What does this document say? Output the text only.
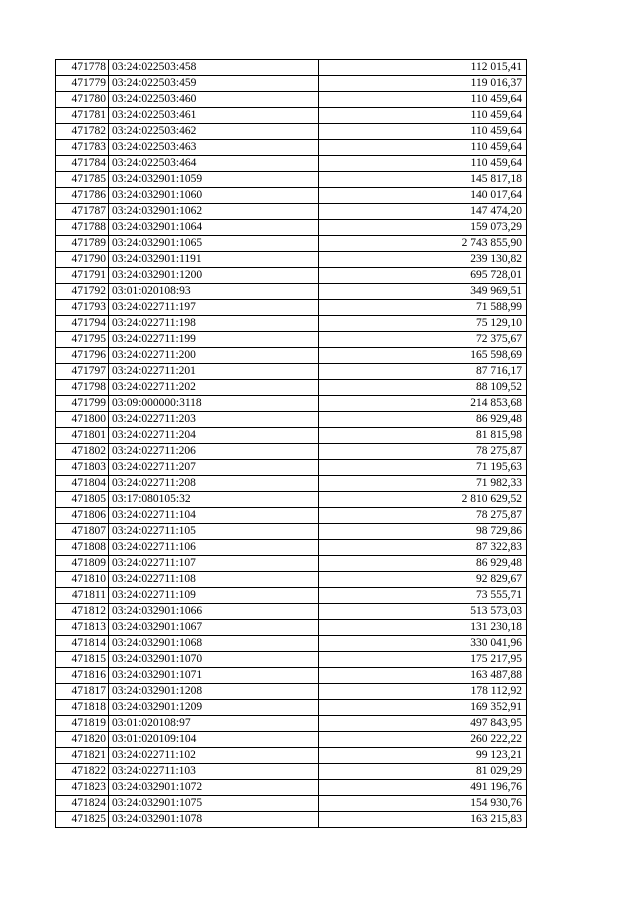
471778	03:24:022503:458	112 015,41
471779	03:24:022503:459	119 016,37
471780	03:24:022503:460	110 459,64
471781	03:24:022503:461	110 459,64
471782	03:24:022503:462	110 459,64
471783	03:24:022503:463	110 459,64
471784	03:24:022503:464	110 459,64
471785	03:24:032901:1059	145 817,18
471786	03:24:032901:1060	140 017,64
471787	03:24:032901:1062	147 474,20
471788	03:24:032901:1064	159 073,29
471789	03:24:032901:1065	2 743 855,90
471790	03:24:032901:1191	239 130,82
471791	03:24:032901:1200	695 728,01
471792	03:01:020108:93	349 969,51
471793	03:24:022711:197	71 588,99
471794	03:24:022711:198	75 129,10
471795	03:24:022711:199	72 375,67
471796	03:24:022711:200	165 598,69
471797	03:24:022711:201	87 716,17
471798	03:24:022711:202	88 109,52
471799	03:09:000000:3118	214 853,68
471800	03:24:022711:203	86 929,48
471801	03:24:022711:204	81 815,98
471802	03:24:022711:206	78 275,87
471803	03:24:022711:207	71 195,63
471804	03:24:022711:208	71 982,33
471805	03:17:080105:32	2 810 629,52
471806	03:24:022711:104	78 275,87
471807	03:24:022711:105	98 729,86
471808	03:24:022711:106	87 322,83
471809	03:24:022711:107	86 929,48
471810	03:24:022711:108	92 829,67
471811	03:24:022711:109	73 555,71
471812	03:24:032901:1066	513 573,03
471813	03:24:032901:1067	131 230,18
471814	03:24:032901:1068	330 041,96
471815	03:24:032901:1070	175 217,95
471816	03:24:032901:1071	163 487,88
471817	03:24:032901:1208	178 112,92
471818	03:24:032901:1209	169 352,91
471819	03:01:020108:97	497 843,95
471820	03:01:020109:104	260 222,22
471821	03:24:022711:102	99 123,21
471822	03:24:022711:103	81 029,29
471823	03:24:032901:1072	491 196,76
471824	03:24:032901:1075	154 930,76
471825	03:24:032901:1078	163 215,83
